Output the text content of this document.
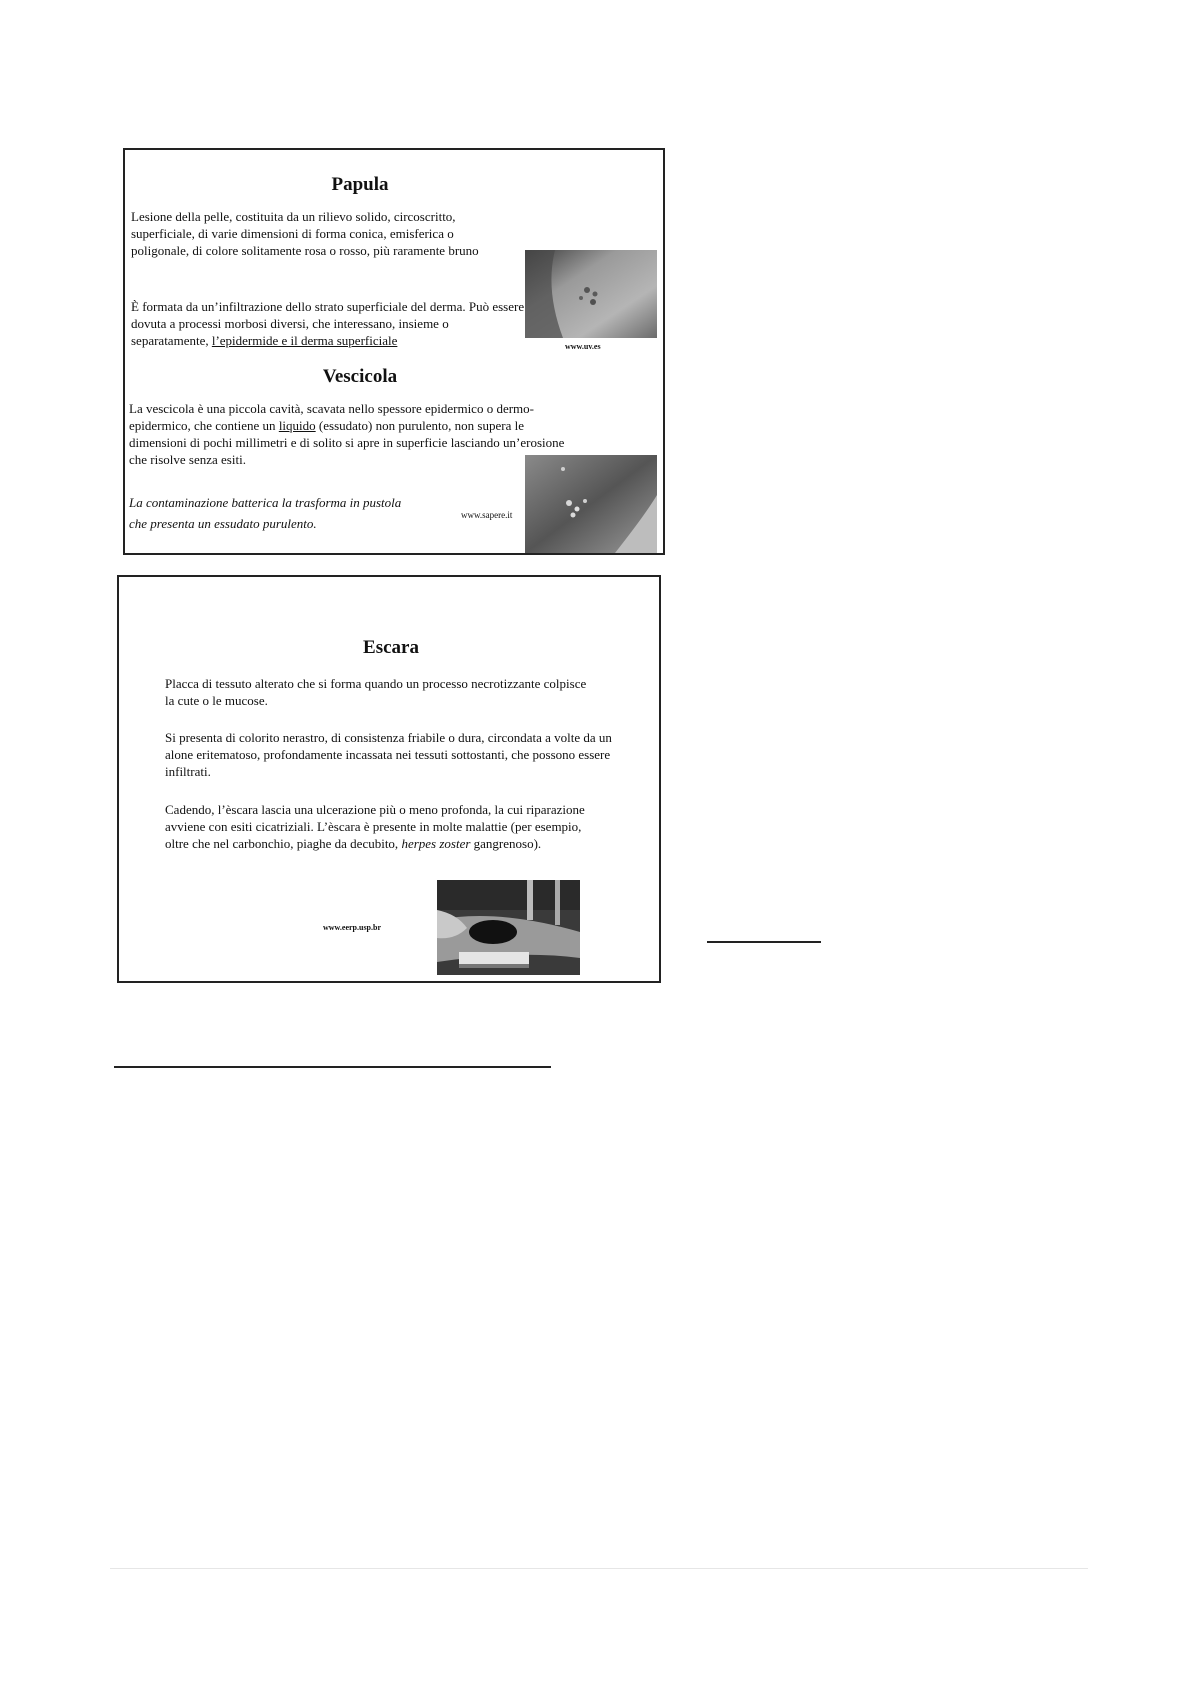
Papula

Lesione della pelle, costituita da un rilievo solido, circoscritto, superficiale, di varie dimensioni di forma conica, emisferica o poligonale, di colore solitamente rosa o rosso, più raramente bruno

È formata da un’infiltrazione dello strato superficiale del derma. Può essere dovuta a processi morbosi diversi, che interessano, insieme o separatamente, l’epidermide e il derma superficiale	www.uv.es
Vescicola

La vescicola è una piccola cavità, scavata nello spessore epidermico o dermo-epidermico, che contiene un liquido (essudato) non purulento, non supera le dimensioni di pochi millimetri e di solito si apre in superficie lasciando un’erosione che risolve senza esiti.

La contaminazione batterica la trasforma in pustola che presenta un essudato purulento.

www.sapere.it
Escara

Placca di tessuto alterato che si forma quando un processo necrotizzante colpisce la cute o le mucose.

Si presenta di colorito nerastro, di consistenza friabile o dura, circondata a volte da un alone eritematoso, profondamente incassata nei tessuti sottostanti, che possono essere infiltrati.

Cadendo, l’èscara lascia una ulcerazione più o meno profonda, la cui riparazione avviene con esiti cicatriziali. L’èscara è presente in molte malattie (per esempio, oltre che nel carbonchio, piaghe da decubito, herpes zoster gangrenoso).

www.eerp.usp.br
